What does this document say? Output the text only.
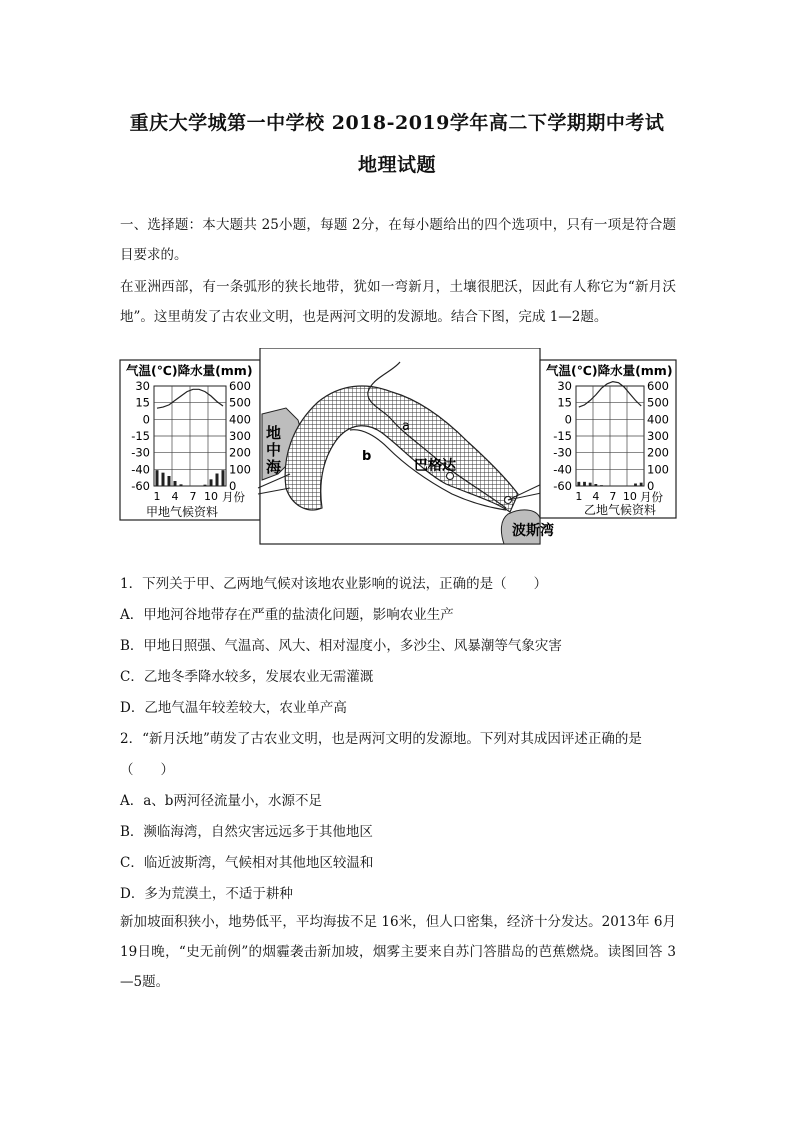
重庆大学城第一中学校 2018-2019学年高二下学期期中考试
地理试题
一、选择题：本大题共 25小题，每题 2分，在每小题给出的四个选项中，只有一项是符合题目要求的。
在亚洲西部，有一条弧形的狭长地带，犹如一弯新月，土壤很肥沃，因此有人称它为“新月沃地”。这里萌发了古农业文明，也是两河文明的发源地。结合下图，完成 1—2题。
气温(℃)降水量(mm)
30
15
0
-15
-30
-40
-60
600
500
400
300
200
100
0
1 4 7 10 月份
甲地气候资料
地
中
海
a
b
巴格达
波斯湾
气温(℃)降水量(mm)
30
15
0
-15
-30
-40
-60
600
500
400
300
200
100
0
1 4 7 10 月份
乙地气候资料
1．下列关于甲、乙两地气候对该地农业影响的说法，正确的是（　　）
A．甲地河谷地带存在严重的盐渍化问题，影响农业生产
B．甲地日照强、气温高、风大、相对湿度小，多沙尘、风暴潮等气象灾害
C．乙地冬季降水较多，发展农业无需灌溉
D．乙地气温年较差较大，农业单产高
2．“新月沃地”萌发了古农业文明，也是两河文明的发源地。下列对其成因评述正确的是
（　　）
A．a、b两河径流量小，水源不足
B．濒临海湾，自然灾害远远多于其他地区
C．临近波斯湾，气候相对其他地区较温和
D．多为荒漠土，不适于耕种
新加坡面积狭小，地势低平，平均海拔不足 16米，但人口密集，经济十分发达。2013年 6月 19日晚，“史无前例”的烟霾袭击新加坡，烟雾主要来自苏门答腊岛的芭蕉燃烧。读图回答 3—5题。
